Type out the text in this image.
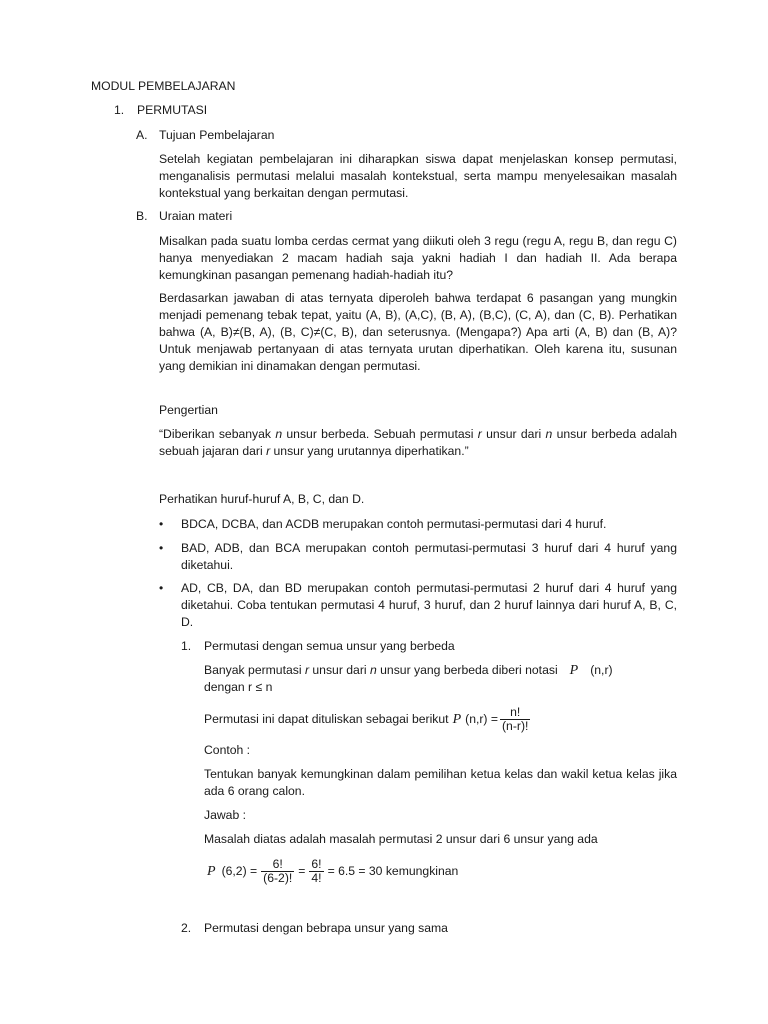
MODUL PEMBELAJARAN
1. PERMUTASI
A. Tujuan Pembelajaran
Setelah kegiatan pembelajaran ini diharapkan siswa dapat menjelaskan konsep permutasi, menganalisis permutasi melalui masalah kontekstual, serta mampu menyelesaikan masalah kontekstual yang berkaitan dengan permutasi.
B. Uraian materi
Misalkan pada suatu lomba cerdas cermat yang diikuti oleh 3 regu (regu A, regu B, dan regu C) hanya menyediakan 2 macam hadiah saja yakni hadiah I dan hadiah II. Ada berapa kemungkinan pasangan pemenang hadiah-hadiah itu?
Berdasarkan jawaban di atas ternyata diperoleh bahwa terdapat 6 pasangan yang mungkin menjadi pemenang tebak tepat, yaitu (A, B), (A,C), (B, A), (B,C), (C, A), dan (C, B). Perhatikan bahwa (A, B)≠(B, A), (B, C)≠(C, B), dan seterusnya. (Mengapa?) Apa arti (A, B) dan (B, A)? Untuk menjawab pertanyaan di atas ternyata urutan diperhatikan. Oleh karena itu, susunan yang demikian ini dinamakan dengan permutasi.
Pengertian
“Diberikan sebanyak n unsur berbeda. Sebuah permutasi r unsur dari n unsur berbeda adalah sebuah jajaran dari r unsur yang urutannya diperhatikan.”
Perhatikan huruf-huruf A, B, C, dan D.
• BDCA, DCBA, dan ACDB merupakan contoh permutasi-permutasi dari 4 huruf.
• BAD, ADB, dan BCA merupakan contoh permutasi-permutasi 3 huruf dari 4 huruf yang diketahui.
• AD, CB, DA, dan BD merupakan contoh permutasi-permutasi 2 huruf dari 4 huruf yang diketahui. Coba tentukan permutasi 4 huruf, 3 huruf, dan 2 huruf lainnya dari huruf A, B, C, D.
1. Permutasi dengan semua unsur yang berbeda
Banyak permutasi r unsur dari n unsur yang berbeda diberi notasi P (n,r)
dengan r ≤ n
Permutasi ini dapat dituliskan sebagai berikut P $(n,r) = \frac{n!}{(n-r)!}$
Contoh :
Tentukan banyak kemungkinan dalam pemilihan ketua kelas dan wakil ketua kelas jika ada 6 orang calon.
Jawab :
Masalah diatas adalah masalah permutasi 2 unsur dari 6 unsur yang ada
P $(6,2) = \frac{6!}{(6-2)!} = \frac{6!}{4!} = 6.5 = 30$ kemungkinan
2. Permutasi dengan bebrapa unsur yang sama
